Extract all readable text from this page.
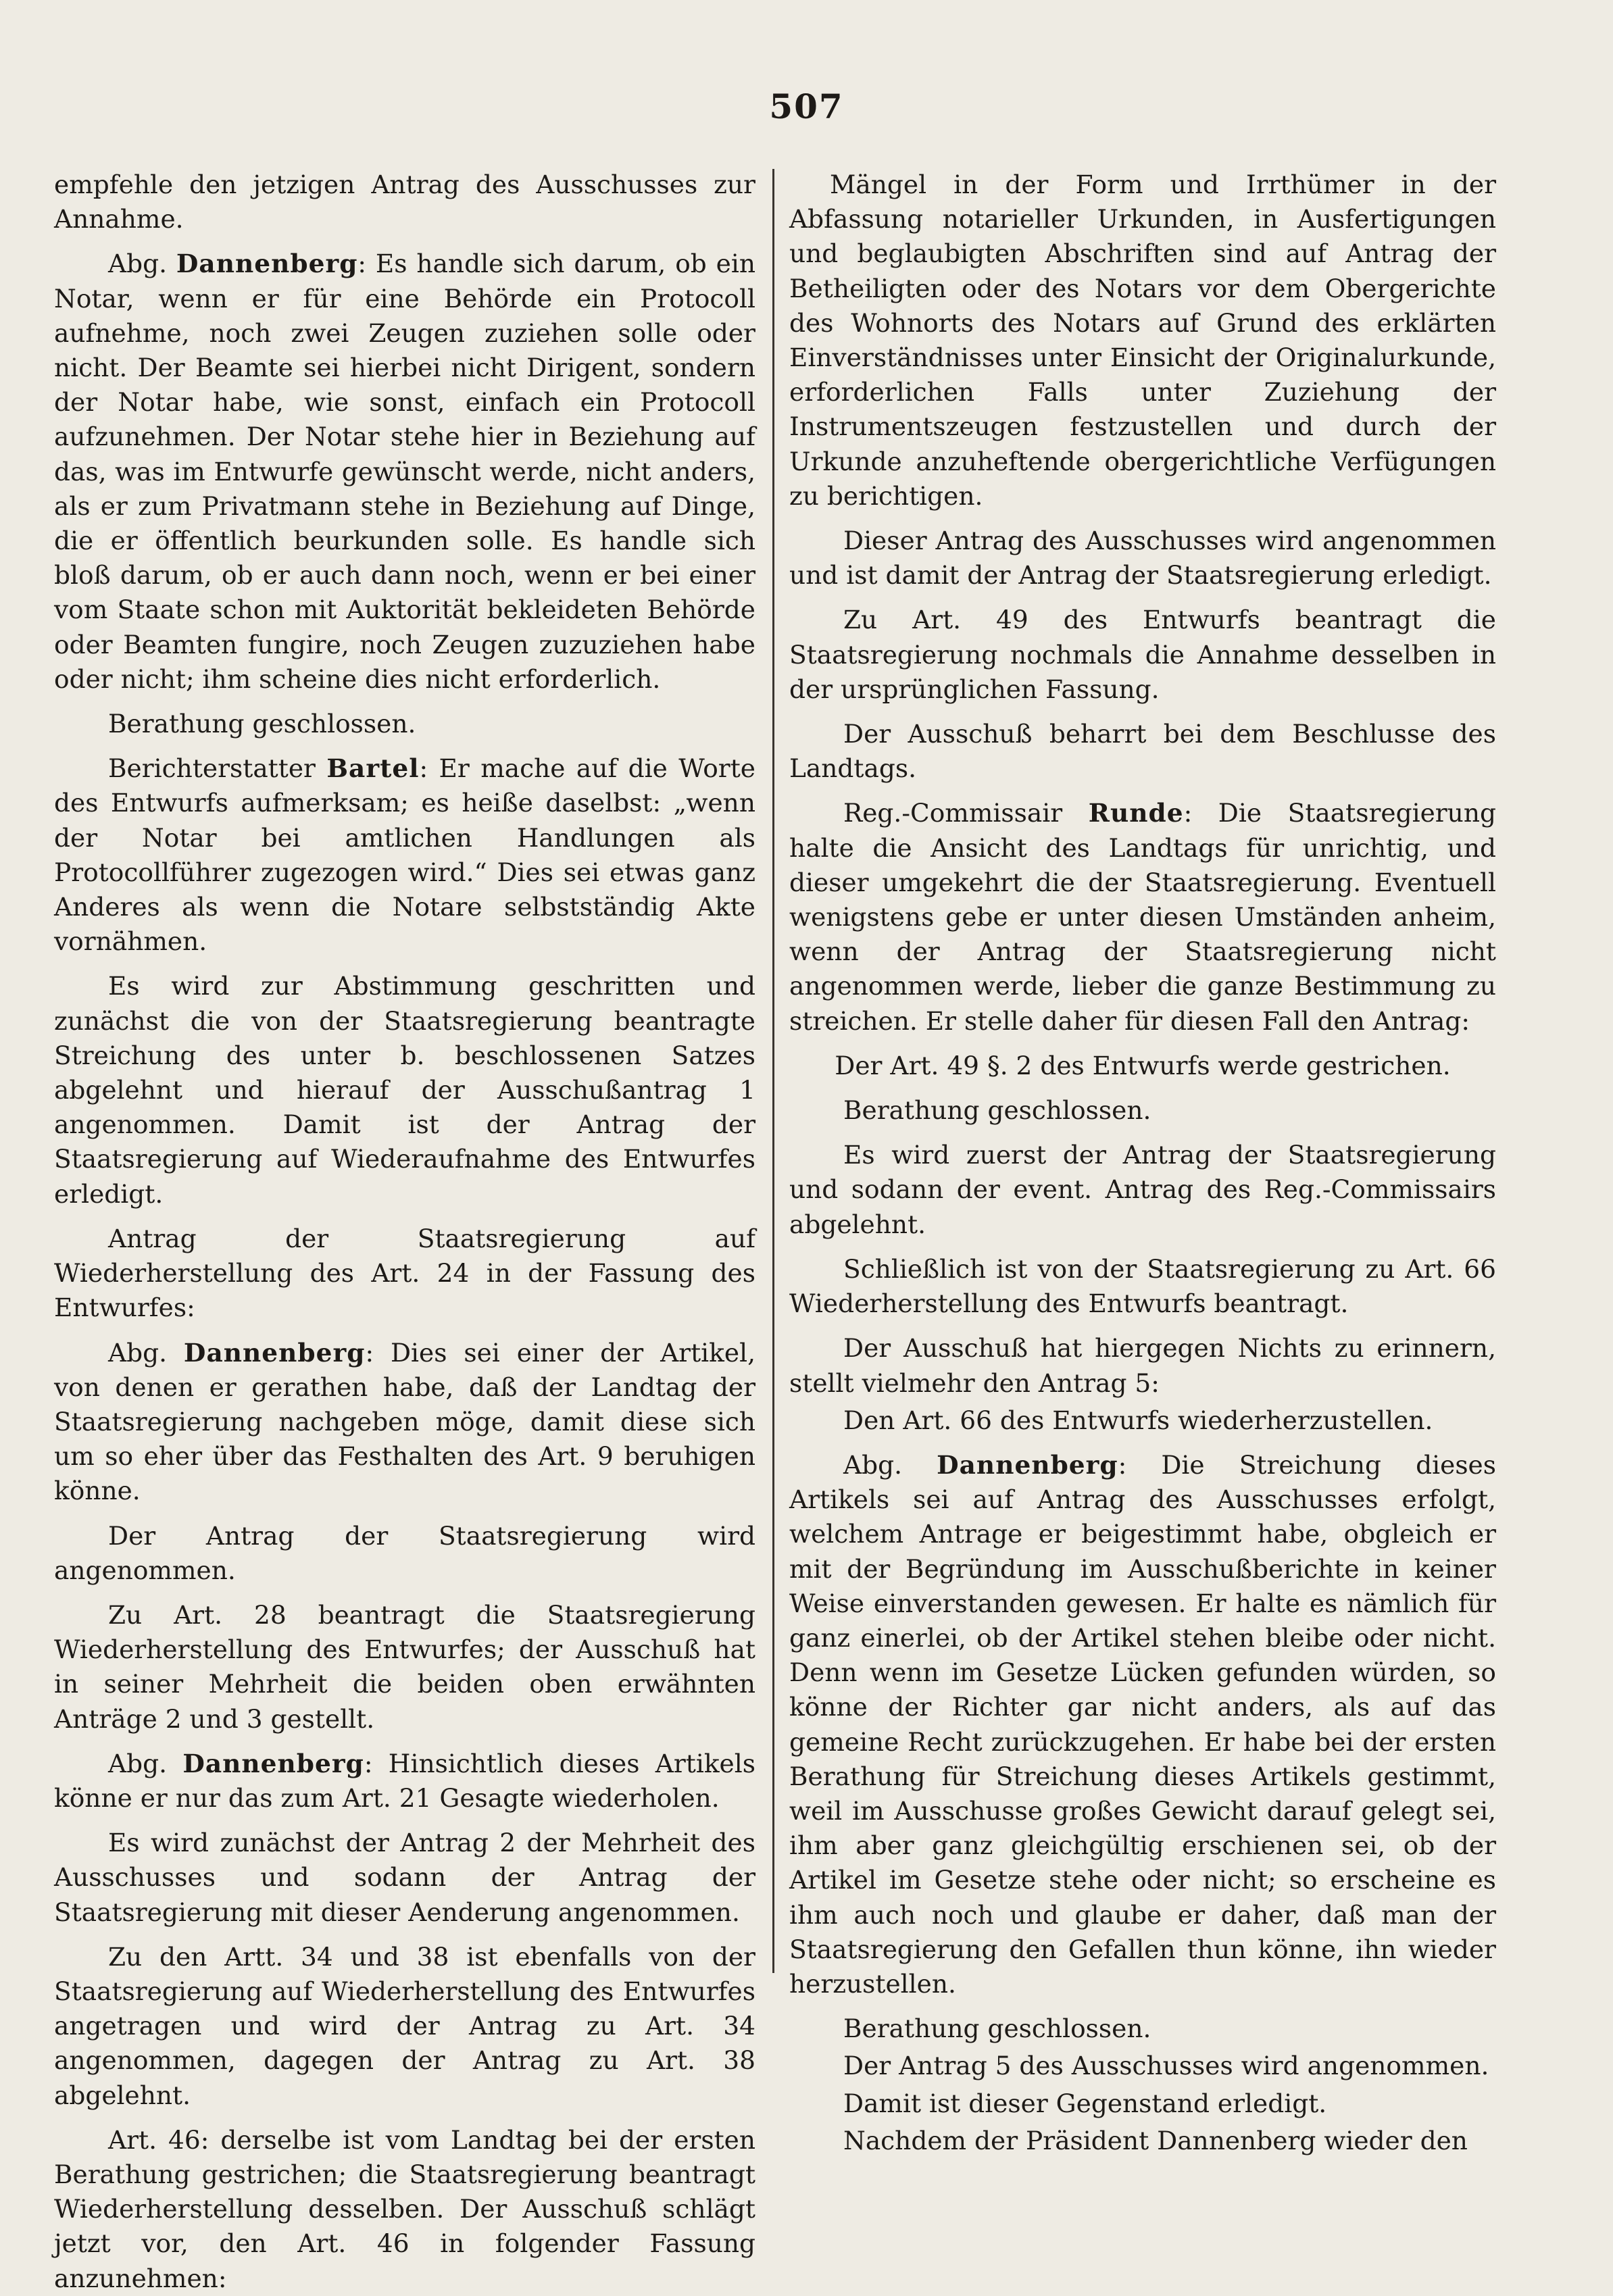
507

empfehle den jetzigen Antrag des Ausschusses zur Annahme.

Abg. Dannenberg: Es handle sich darum, ob ein Notar, wenn er für eine Behörde ein Protocoll aufnehme, noch zwei Zeugen zuziehen solle oder nicht. Der Beamte sei hierbei nicht Dirigent, sondern der Notar habe, wie sonst, einfach ein Protocoll aufzunehmen. Der Notar stehe hier in Beziehung auf das, was im Entwurfe gewünscht werde, nicht anders, als er zum Privatmann stehe in Beziehung auf Dinge, die er öffentlich beurkunden solle. Es handle sich bloß darum, ob er auch dann noch, wenn er bei einer vom Staate schon mit Auktorität bekleideten Behörde oder Beamten fungire, noch Zeugen zuzuziehen habe oder nicht; ihm scheine dies nicht erforderlich.

Berathung geschlossen.

Berichterstatter Bartel: Er mache auf die Worte des Entwurfs aufmerksam; es heiße daselbst: „wenn der Notar bei amtlichen Handlungen als Protocollführer zugezogen wird.“ Dies sei etwas ganz Anderes als wenn die Notare selbstständig Akte vornähmen.

Es wird zur Abstimmung geschritten und zunächst die von der Staatsregierung beantragte Streichung des unter b. beschlossenen Satzes abgelehnt und hierauf der Ausschußantrag 1 angenommen. Damit ist der Antrag der Staatsregierung auf Wiederaufnahme des Entwurfes erledigt.

Antrag der Staatsregierung auf Wiederherstellung des Art. 24 in der Fassung des Entwurfes:

Abg. Dannenberg: Dies sei einer der Artikel, von denen er gerathen habe, daß der Landtag der Staatsregierung nachgeben möge, damit diese sich um so eher über das Festhalten des Art. 9 beruhigen könne.

Der Antrag der Staatsregierung wird angenommen.

Zu Art. 28 beantragt die Staatsregierung Wiederherstellung des Entwurfes; der Ausschuß hat in seiner Mehrheit die beiden oben erwähnten Anträge 2 und 3 gestellt.

Abg. Dannenberg: Hinsichtlich dieses Artikels könne er nur das zum Art. 21 Gesagte wiederholen.

Es wird zunächst der Antrag 2 der Mehrheit des Ausschusses und sodann der Antrag der Staatsregierung mit dieser Aenderung angenommen.

Zu den Artt. 34 und 38 ist ebenfalls von der Staatsregierung auf Wiederherstellung des Entwurfes angetragen und wird der Antrag zu Art. 34 angenommen, dagegen der Antrag zu Art. 38 abgelehnt.

Art. 46: derselbe ist vom Landtag bei der ersten Berathung gestrichen; die Staatsregierung beantragt Wiederherstellung desselben. Der Ausschuß schlägt jetzt vor, den Art. 46 in folgender Fassung anzunehmen:

Mängel in der Form und Irrthümer in der Abfassung notarieller Urkunden, in Ausfertigungen und beglaubigten Abschriften sind auf Antrag der Betheiligten oder des Notars vor dem Obergerichte des Wohnorts des Notars auf Grund des erklärten Einverständnisses unter Einsicht der Originalurkunde, erforderlichen Falls unter Zuziehung der Instrumentszeugen festzustellen und durch der Urkunde anzuheftende obergerichtliche Verfügungen zu berichtigen.

Dieser Antrag des Ausschusses wird angenommen und ist damit der Antrag der Staatsregierung erledigt.

Zu Art. 49 des Entwurfs beantragt die Staatsregierung nochmals die Annahme desselben in der ursprünglichen Fassung.

Der Ausschuß beharrt bei dem Beschlusse des Landtags.

Reg.-Commissair Runde: Die Staatsregierung halte die Ansicht des Landtags für unrichtig, und dieser umgekehrt die der Staatsregierung. Eventuell wenigstens gebe er unter diesen Umständen anheim, wenn der Antrag der Staatsregierung nicht angenommen werde, lieber die ganze Bestimmung zu streichen. Er stelle daher für diesen Fall den Antrag:

Der Art. 49 §. 2 des Entwurfs werde gestrichen.

Berathung geschlossen.

Es wird zuerst der Antrag der Staatsregierung und sodann der event. Antrag des Reg.-Commissairs abgelehnt.

Schließlich ist von der Staatsregierung zu Art. 66 Wiederherstellung des Entwurfs beantragt.

Der Ausschuß hat hiergegen Nichts zu erinnern, stellt vielmehr den Antrag 5:

Den Art. 66 des Entwurfs wiederherzustellen.

Abg. Dannenberg: Die Streichung dieses Artikels sei auf Antrag des Ausschusses erfolgt, welchem Antrage er beigestimmt habe, obgleich er mit der Begründung im Ausschußberichte in keiner Weise einverstanden gewesen. Er halte es nämlich für ganz einerlei, ob der Artikel stehen bleibe oder nicht. Denn wenn im Gesetze Lücken gefunden würden, so könne der Richter gar nicht anders, als auf das gemeine Recht zurückzugehen. Er habe bei der ersten Berathung für Streichung dieses Artikels gestimmt, weil im Ausschusse großes Gewicht darauf gelegt sei, ihm aber ganz gleichgültig erschienen sei, ob der Artikel im Gesetze stehe oder nicht; so erscheine es ihm auch noch und glaube er daher, daß man der Staatsregierung den Gefallen thun könne, ihn wieder herzustellen.

Berathung geschlossen.

Der Antrag 5 des Ausschusses wird angenommen.

Damit ist dieser Gegenstand erledigt.

Nachdem der Präsident Dannenberg wieder den
